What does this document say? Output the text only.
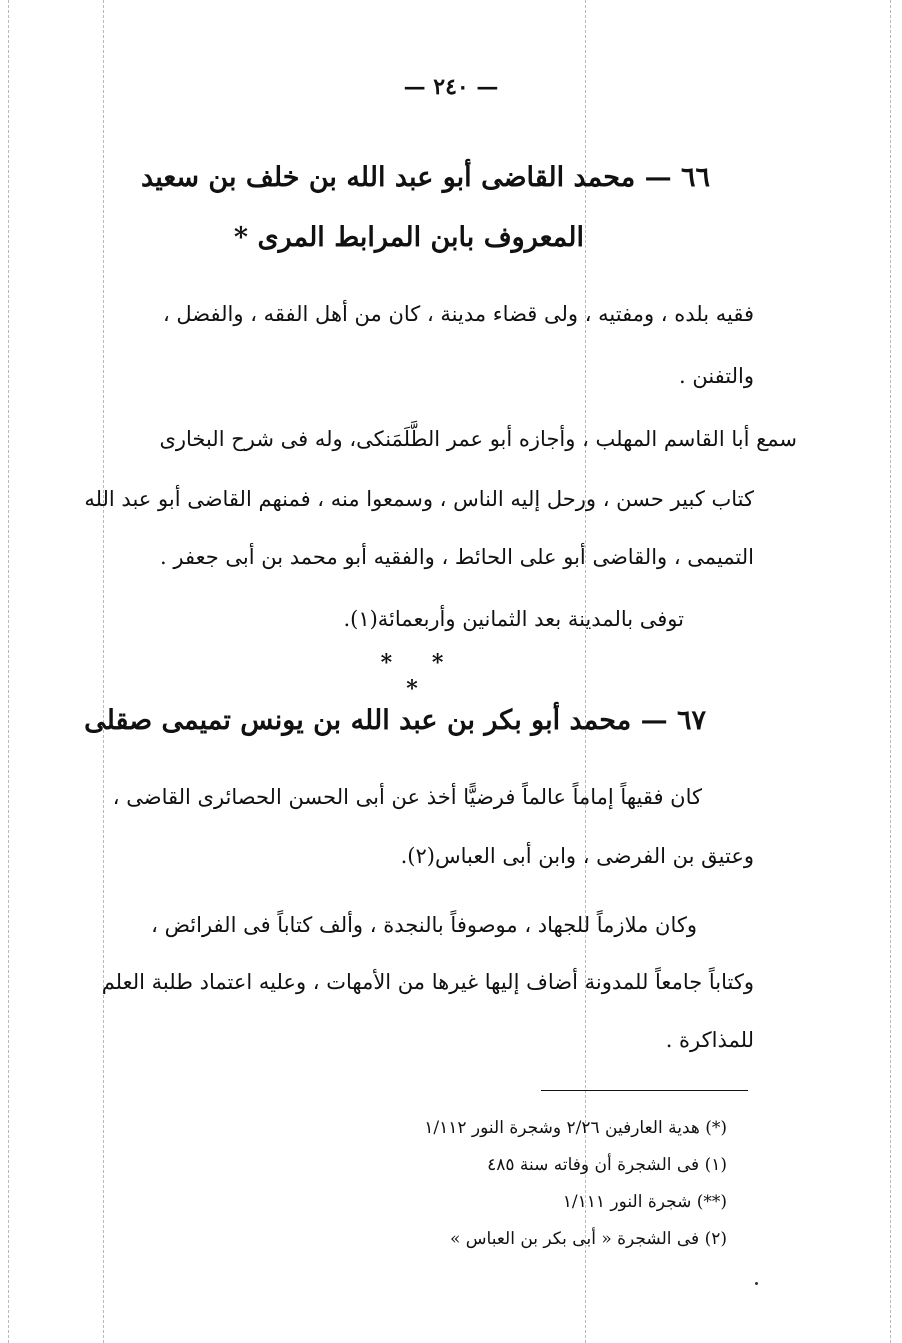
— ٢٤٠ —
٦٦ — محمد القاضى أبو عبد الله بن خلف بن سعيد
المعروف بابن المرابط المرى *
فقيه بلده ، ومفتيه ، ولى قضاء مدينة ، كان من أهل الفقه ، والفضل ،
والتفنن .
سمع أبا القاسم المهلب ، وأجازه أبو عمر الطَّلَمَنكى، وله فى شرح البخارى
كتاب كبير حسن ، ورحل إليه الناس ، وسمعوا منه ، فمنهم القاضى أبو عبد الله
التميمى ، والقاضى أبو على الحائط ، والفقيه أبو محمد بن أبى جعفر .
توفى بالمدينة بعد الثمانين وأربعمائة(١).
* * *
٦٧ — محمد أبو بكر بن عبد الله بن يونس تميمى صقلى
كان فقيهاً إماماً عالماً فرضيًّا أخذ عن أبى الحسن الحصائرى القاضى ،
وعتيق بن الفرضى ، وابن أبى العباس(٢).
وكان ملازماً للجهاد ، موصوفاً بالنجدة ، وألف كتاباً فى الفرائض ،
وكتاباً جامعاً للمدونة أضاف إليها غيرها من الأمهات ، وعليه اعتماد طلبة العلم
للمذاكرة .
(*) هدية العارفين ٢/٢٦ وشجرة النور ١/١١٢
(١) فى الشجرة أن وفاته سنة ٤٨٥
(**) شجرة النور ١/١١١
(٢) فى الشجرة « أبى بكر بن العباس »
